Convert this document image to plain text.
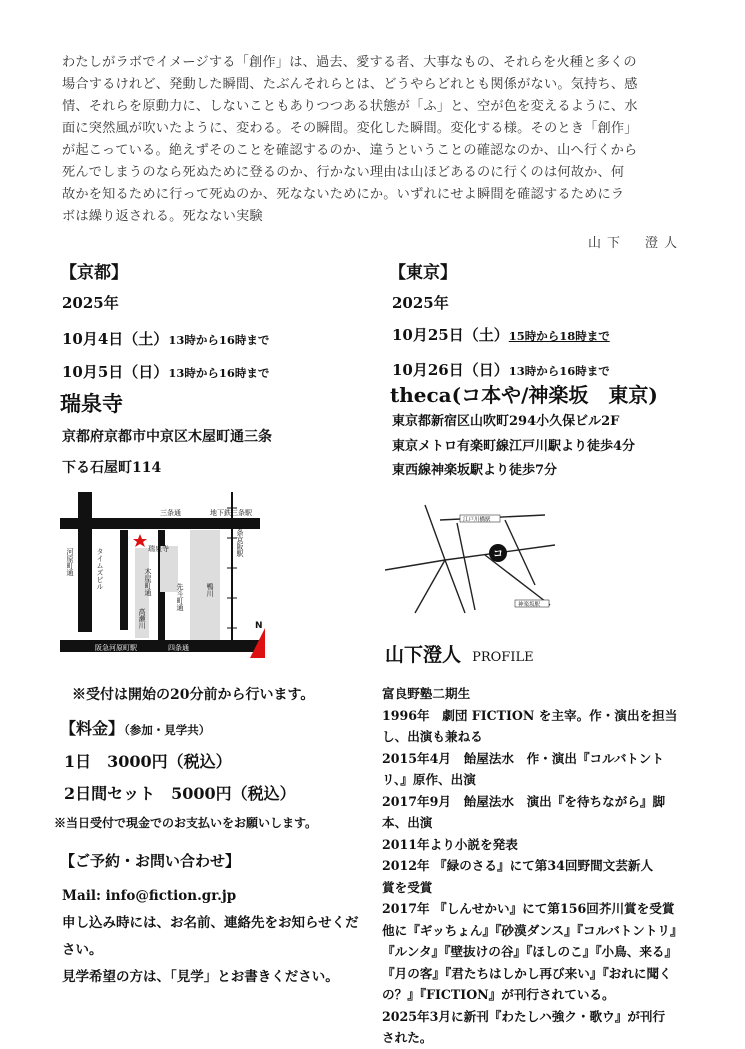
わたしがラボでイメージする「創作」は、過去、愛する者、大事なもの、それらを火種と多くの
場合するけれど、発動した瞬間、たぶんそれらとは、どうやらどれとも関係がない。気持ち、感
情、それらを原動力に、しないこともありつつある状態が「ふ」と、空が色を変えるように、水
面に突然風が吹いたように、変わる。その瞬間。変化した瞬間。変化する様。そのとき「創作」
が起こっている。絶えずそのことを確認するのか、違うということの確認なのか、山へ行くから
死んでしまうのなら死ぬために登るのか、行かない理由は山ほどあるのに行くのは何故か、何
故かを知るために行って死ぬのか、死なないためにか。いずれにせよ瞬間を確認するためにラ
ボは繰り返される。死なない実験
山下　澄人
【京都】
2025年
10月4日（土）13時から16時まで
10月5日（日）13時から16時まで
瑞泉寺
京都府京都市中京区木屋町通三条
下る石屋町114
三条通	地下鉄三条駅
瑞泉寺
阪急河原町駅	四条通
N
タイムズビル
河原町通
木屋町通
高瀬川
先斗町通	鴨川
三条京阪駅
※受付は開始の20分前から行います。
【料金】（参加・見学共）
1日　3000円（税込）
2日間セット　5000円（税込）
※当日受付で現金でのお支払いをお願いします。
【ご予約・お問い合わせ】
Mail: info@fiction.gr.jp
申し込み時には、お名前、連絡先をお知らせくだ
さい。
見学希望の方は、「見学」とお書きください。
【東京】
2025年
10月25日（土）15時から18時まで
10月26日（日）13時から16時まで
theca(コ本や/神楽坂　東京)
東京都新宿区山吹町294小久保ビル2F
東京メトロ有楽町線江戸川駅より徒歩4分
東西線神楽坂駅より徒歩7分
コ
江戸川橋駅
神楽坂駅
山下澄人 PROFILE
富良野塾二期生
1996年　劇団 FICTION を主宰。作・演出を担当
し、出演も兼ねる
2015年4月　飴屋法水　作・演出『コルバトント
リ、』原作、出演
2017年9月　飴屋法水　演出『を待ちながら』脚
本、出演
2011年より小説を発表
2012年 『緑のさる』にて第34回野間文芸新人
賞を受賞
2017年 『しんせかい』にて第156回芥川賞を受賞
他に『ギッちょん』『砂漠ダンス』『コルバトントリ』
『ルンタ』『壁抜けの谷』『ほしのこ』『小鳥、来る』
『月の客』『君たちはしかし再び来い』『おれに聞く
の？』『FICTION』が刊行されている。
2025年3月に新刊『わたしハ強ク・歌ウ』が刊行
された。
